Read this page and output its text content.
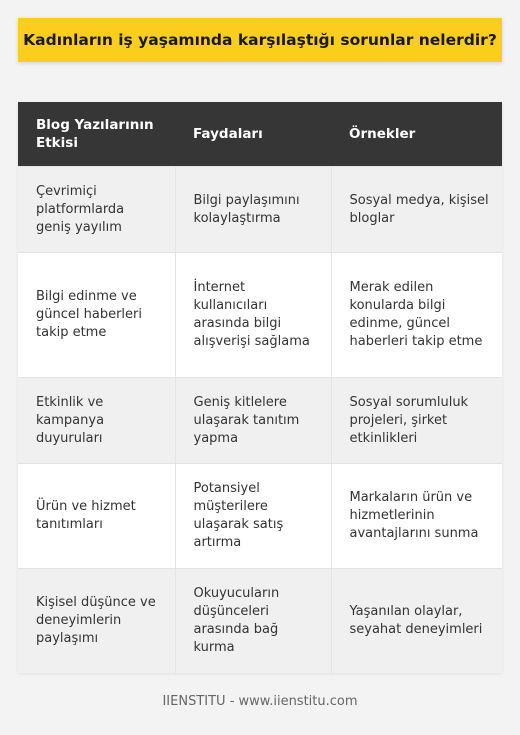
Kadınların iş yaşamında karşılaştığı sorunlar nelerdir?
Blog Yazılarının Etkisi	Faydaları	Örnekler
Çevrimiçi platformlarda geniş yayılım	Bilgi paylaşımını kolaylaştırma	Sosyal medya, kişisel bloglar
Bilgi edinme ve güncel haberleri takip etme	İnternet kullanıcıları arasında bilgi alışverişi sağlama	Merak edilen konularda bilgi edinme, güncel haberleri takip etme
Etkinlik ve kampanya duyuruları	Geniş kitlelere ulaşarak tanıtım yapma	Sosyal sorumluluk projeleri, şirket etkinlikleri
Ürün ve hizmet tanıtımları	Potansiyel müşterilere ulaşarak satış artırma	Markaların ürün ve hizmetlerinin avantajlarını sunma
Kişisel düşünce ve deneyimlerin paylaşımı	Okuyucuların düşünceleri arasında bağ kurma	Yaşanılan olaylar, seyahat deneyimleri
IIENSTITU - www.iienstitu.com
